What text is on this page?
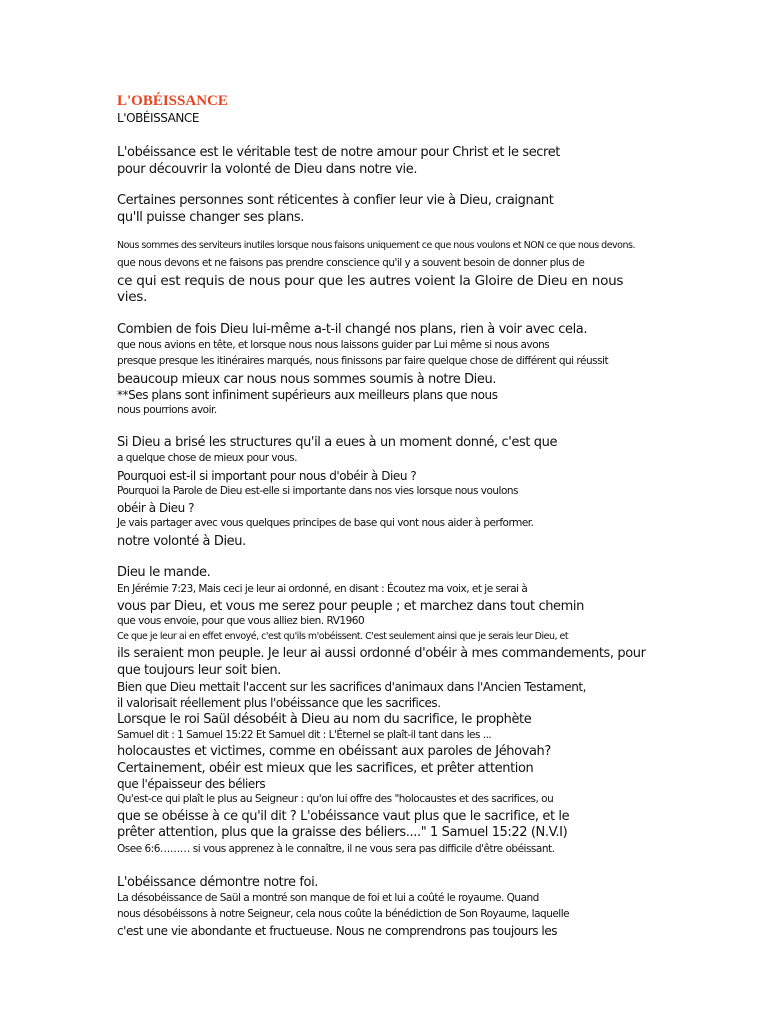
L'OBÉISSANCE
L'OBÉISSANCE
L'obéissance est le véritable test de notre amour pour Christ et le secret
pour découvrir la volonté de Dieu dans notre vie.
Certaines personnes sont réticentes à confier leur vie à Dieu, craignant
qu'Il puisse changer ses plans.
Nous sommes des serviteurs inutiles lorsque nous faisons uniquement ce que nous voulons et NON ce que nous devons.
que nous devons et ne faisons pas prendre conscience qu'il y a souvent besoin de donner plus de
ce qui est requis de nous pour que les autres voient la Gloire de Dieu en nous
vies.
Combien de fois Dieu lui-même a-t-il changé nos plans, rien à voir avec cela.
que nous avions en tête, et lorsque nous nous laissons guider par Lui même si nous avons
presque presque les itinéraires marqués, nous finissons par faire quelque chose de différent qui réussit
beaucoup mieux car nous nous sommes soumis à notre Dieu.
**Ses plans sont infiniment supérieurs aux meilleurs plans que nous
nous pourrions avoir.
Si Dieu a brisé les structures qu'il a eues à un moment donné, c'est que
a quelque chose de mieux pour vous.
Pourquoi est-il si important pour nous d'obéir à Dieu ?
Pourquoi la Parole de Dieu est-elle si importante dans nos vies lorsque nous voulons
obéir à Dieu ?
Je vais partager avec vous quelques principes de base qui vont nous aider à performer.
notre volonté à Dieu.
Dieu le mande.
En Jérémie 7:23, Mais ceci je leur ai ordonné, en disant : Écoutez ma voix, et je serai à
vous par Dieu, et vous me serez pour peuple ; et marchez dans tout chemin
que vous envoie, pour que vous alliez bien. RV1960
Ce que je leur ai en effet envoyé, c'est qu'ils m'obéissent. C'est seulement ainsi que je serais leur Dieu, et
ils seraient mon peuple. Je leur ai aussi ordonné d'obéir à mes commandements, pour
que toujours leur soit bien.
Bien que Dieu mettait l'accent sur les sacrifices d'animaux dans l'Ancien Testament,
il valorisait réellement plus l'obéissance que les sacrifices.
Lorsque le roi Saül désobéit à Dieu au nom du sacrifice, le prophète
Samuel dit : 1 Samuel 15:22 Et Samuel dit : L'Éternel se plaît-il tant dans les ...
holocaustes et victimes, comme en obéissant aux paroles de Jéhovah?
Certainement, obéir est mieux que les sacrifices, et prêter attention
que l'épaisseur des béliers
Qu'est-ce qui plaît le plus au Seigneur : qu'on lui offre des "holocaustes et des sacrifices, ou
que se obéisse à ce qu'il dit ? L'obéissance vaut plus que le sacrifice, et le
prêter attention, plus que la graisse des béliers...." 1 Samuel 15:22 (N.V.I)
Osee 6:6……… si vous apprenez à le connaître, il ne vous sera pas difficile d'être obéissant.
L'obéissance démontre notre foi.
La désobéissance de Saül a montré son manque de foi et lui a coûté le royaume. Quand
nous désobéissons à notre Seigneur, cela nous coûte la bénédiction de Son Royaume, laquelle
c'est une vie abondante et fructueuse. Nous ne comprendrons pas toujours les
